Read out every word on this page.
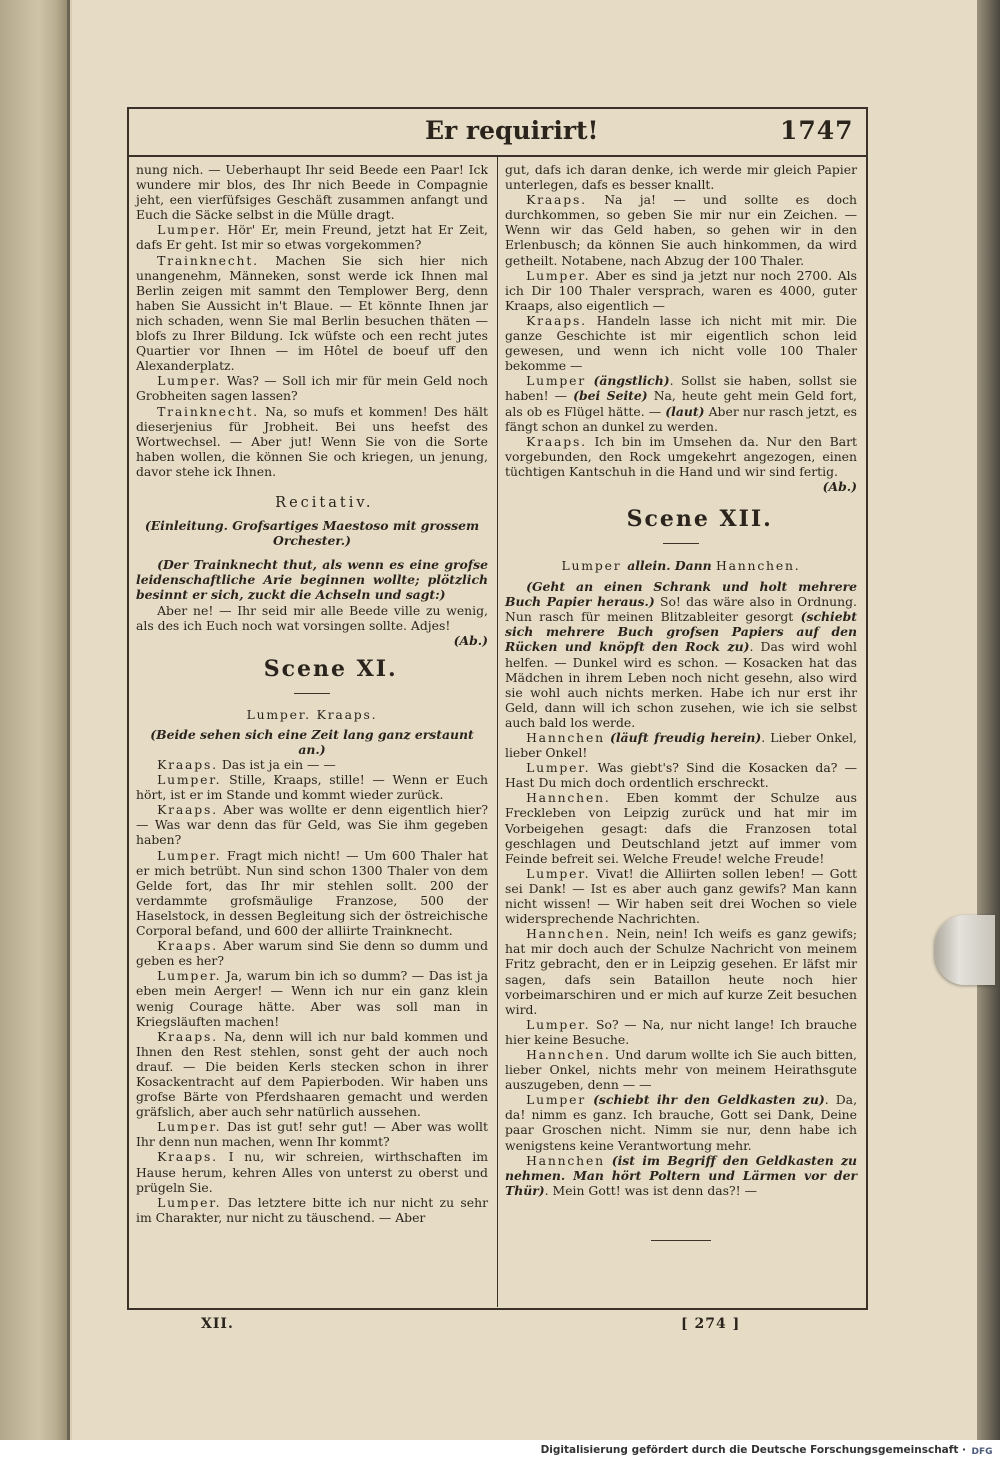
Er requirirt!	1747

nung nich. — Ueberhaupt Ihr seid Beede een Paar! Ick wundere mir blos, des Ihr nich Beede in Compagnie jeht, een vierfüfsiges Geschäft zusammen anfangt und Euch die Säcke selbst in die Mülle dragt.

Lumper. Hör' Er, mein Freund, jetzt hat Er Zeit, dafs Er geht. Ist mir so etwas vorgekommen?

Trainknecht. Machen Sie sich hier nich unangenehm, Männeken, sonst werde ick Ihnen mal Berlin zeigen mit sammt den Templower Berg, denn haben Sie Aussicht in't Blaue. — Et könnte Ihnen jar nich schaden, wenn Sie mal Berlin besuchen thäten — blofs zu Ihrer Bildung. Ick wüfste och een recht jutes Quartier vor Ihnen — im Hôtel de boeuf uff den Alexanderplatz.

Lumper. Was? — Soll ich mir für mein Geld noch Grobheiten sagen lassen?

Trainknecht. Na, so mufs et kommen! Des hält dieserjenius für Jrobheit. Bei uns heefst des Wortwechsel. — Aber jut! Wenn Sie von die Sorte haben wollen, die können Sie och kriegen, un jenung, davor stehe ick Ihnen.

Recitativ.

(Einleitung. Grofsartiges Maestoso mit grossem Orchester.)

(Der Trainknecht thut, als wenn es eine grofse leidenschaftliche Arie beginnen wollte; plötzlich besinnt er sich, zuckt die Achseln und sagt:)

Aber ne! — Ihr seid mir alle Beede ville zu wenig, als des ich Euch noch wat vorsingen sollte. Adjes!
(Ab.)

Scene XI.

Lumper. Kraaps.

(Beide sehen sich eine Zeit lang ganz erstaunt an.)

Kraaps. Das ist ja ein — —

Lumper. Stille, Kraaps, stille! — Wenn er Euch hört, ist er im Stande und kommt wieder zurück.

Kraaps. Aber was wollte er denn eigentlich hier? — Was war denn das für Geld, was Sie ihm gegeben haben?

Lumper. Fragt mich nicht! — Um 600 Thaler hat er mich betrübt. Nun sind schon 1300 Thaler von dem Gelde fort, das Ihr mir stehlen sollt. 200 der verdammte grofsmäulige Franzose, 500 der Haselstock, in dessen Begleitung sich der östreichische Corporal befand, und 600 der alliirte Trainknecht.

Kraaps. Aber warum sind Sie denn so dumm und geben es her?

Lumper. Ja, warum bin ich so dumm? — Das ist ja eben mein Aerger! — Wenn ich nur ein ganz klein wenig Courage hätte. Aber was soll man in Kriegsläuften machen!

Kraaps. Na, denn will ich nur bald kommen und Ihnen den Rest stehlen, sonst geht der auch noch drauf. — Die beiden Kerls stecken schon in ihrer Kosackentracht auf dem Papierboden. Wir haben uns grofse Bärte von Pferdshaaren gemacht und werden gräfslich, aber auch sehr natürlich aussehen.

Lumper. Das ist gut! sehr gut! — Aber was wollt Ihr denn nun machen, wenn Ihr kommt?

Kraaps. I nu, wir schreien, wirthschaften im Hause herum, kehren Alles von unterst zu oberst und prügeln Sie.

Lumper. Das letztere bitte ich nur nicht zu sehr im Charakter, nur nicht zu täuschend. — Aber

gut, dafs ich daran denke, ich werde mir gleich Papier unterlegen, dafs es besser knallt.

Kraaps. Na ja! — und sollte es doch durchkommen, so geben Sie mir nur ein Zeichen. — Wenn wir das Geld haben, so gehen wir in den Erlenbusch; da können Sie auch hinkommen, da wird getheilt. Notabene, nach Abzug der 100 Thaler.

Lumper. Aber es sind ja jetzt nur noch 2700. Als ich Dir 100 Thaler versprach, waren es 4000, guter Kraaps, also eigentlich —

Kraaps. Handeln lasse ich nicht mit mir. Die ganze Geschichte ist mir eigentlich schon leid gewesen, und wenn ich nicht volle 100 Thaler bekomme —

Lumper (ängstlich). Sollst sie haben, sollst sie haben! — (bei Seite) Na, heute geht mein Geld fort, als ob es Flügel hätte. — (laut) Aber nur rasch jetzt, es fängt schon an dunkel zu werden.

Kraaps. Ich bin im Umsehen da. Nur den Bart vorgebunden, den Rock umgekehrt angezogen, einen tüchtigen Kantschuh in die Hand und wir sind fertig.
(Ab.)

Scene XII.

Lumper allein. Dann Hannchen.

(Geht an einen Schrank und holt mehrere Buch Papier heraus.) So! das wäre also in Ordnung. Nun rasch für meinen Blitzableiter gesorgt (schiebt sich mehrere Buch grofsen Papiers auf den Rücken und knöpft den Rock zu). Das wird wohl helfen. — Dunkel wird es schon. — Kosacken hat das Mädchen in ihrem Leben noch nicht gesehn, also wird sie wohl auch nichts merken. Habe ich nur erst ihr Geld, dann will ich schon zusehen, wie ich sie selbst auch bald los werde.

Hannchen (läuft freudig herein). Lieber Onkel, lieber Onkel!

Lumper. Was giebt's? Sind die Kosacken da? — Hast Du mich doch ordentlich erschreckt.

Hannchen. Eben kommt der Schulze aus Freckleben von Leipzig zurück und hat mir im Vorbeigehen gesagt: dafs die Franzosen total geschlagen und Deutschland jetzt auf immer vom Feinde befreit sei. Welche Freude! welche Freude!

Lumper. Vivat! die Alliirten sollen leben! — Gott sei Dank! — Ist es aber auch ganz gewifs? Man kann nicht wissen! — Wir haben seit drei Wochen so viele widersprechende Nachrichten.

Hannchen. Nein, nein! Ich weifs es ganz gewifs; hat mir doch auch der Schulze Nachricht von meinem Fritz gebracht, den er in Leipzig gesehen. Er läfst mir sagen, dafs sein Bataillon heute noch hier vorbeimarschiren und er mich auf kurze Zeit besuchen wird.

Lumper. So? — Na, nur nicht lange! Ich brauche hier keine Besuche.

Hannchen. Und darum wollte ich Sie auch bitten, lieber Onkel, nichts mehr von meinem Heirathsgute auszugeben, denn — —

Lumper (schiebt ihr den Geldkasten zu). Da, da! nimm es ganz. Ich brauche, Gott sei Dank, Deine paar Groschen nicht. Nimm sie nur, denn habe ich wenigstens keine Verantwortung mehr.

Hannchen (ist im Begriff den Geldkasten zu nehmen. Man hört Poltern und Lärmen vor der Thür). Mein Gott! was ist denn das?! —

XII.	[ 274 ]
Digitalisierung gefördert durch die Deutsche Forschungsgemeinschaft · DFG
